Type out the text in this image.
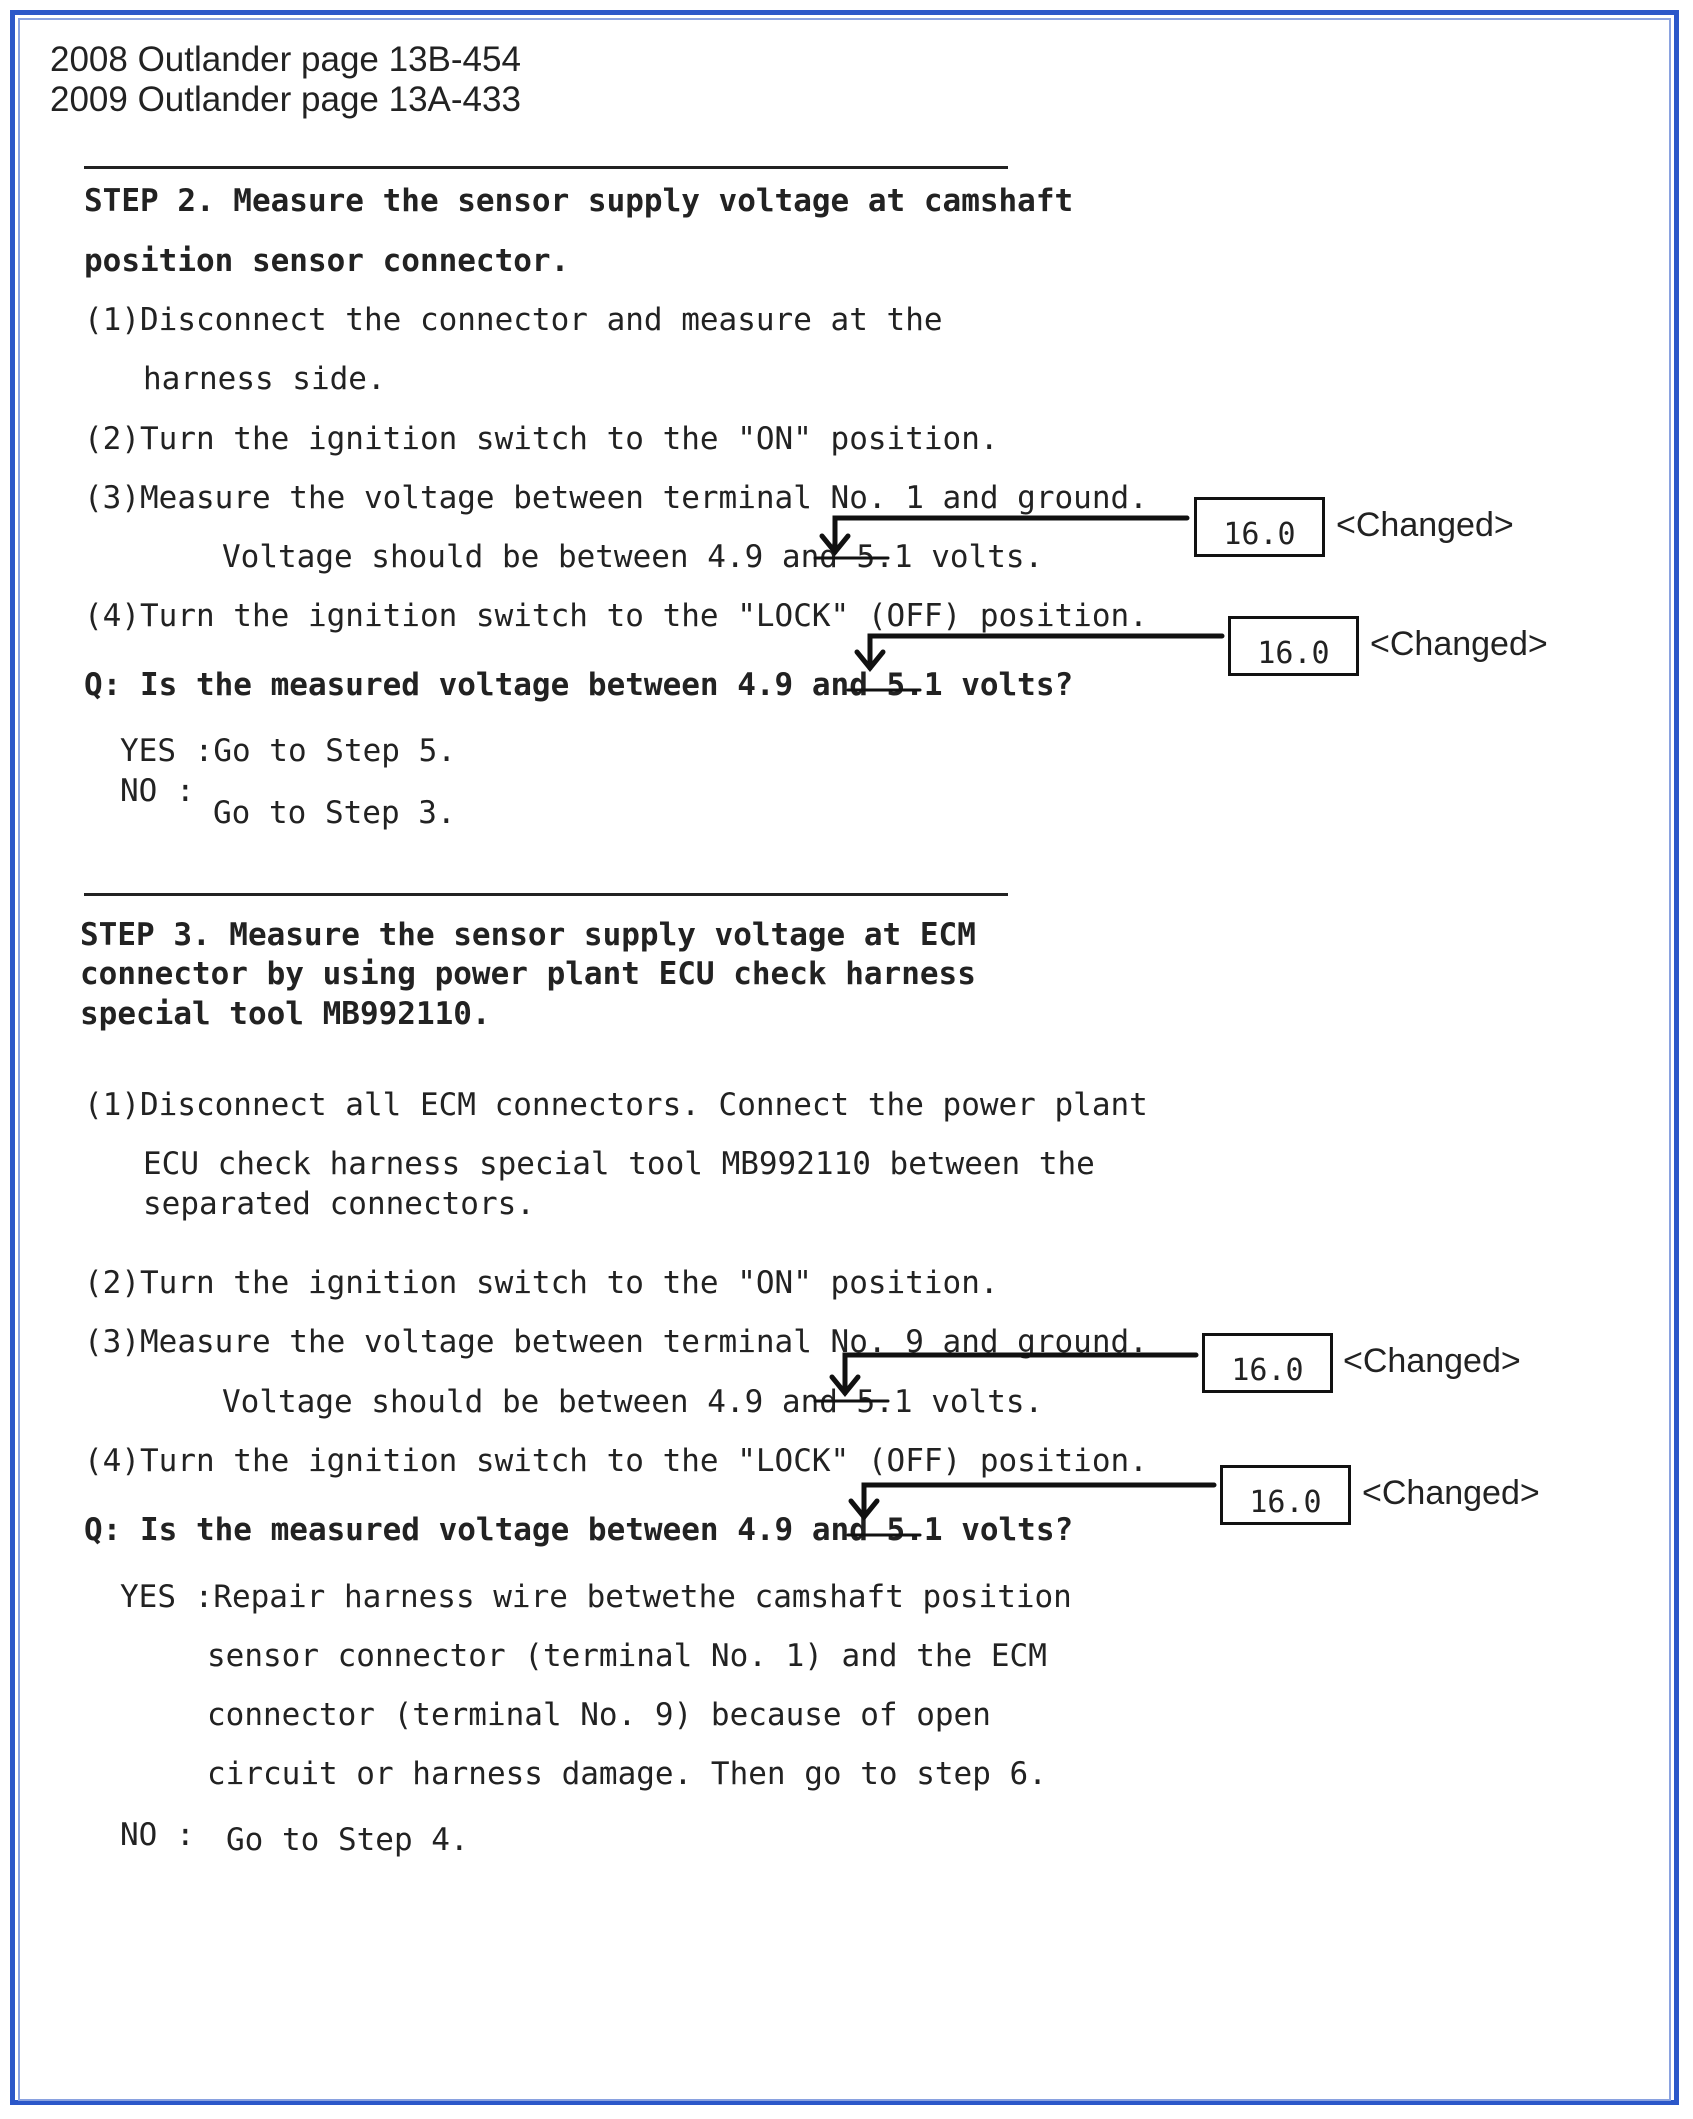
2008 Outlander page 13B-454
2009 Outlander page 13A-433
STEP 2. Measure the sensor supply voltage at camshaft
position sensor connector.
(1)Disconnect the connector and measure at the
harness side.
(2)Turn the ignition switch to the "ON" position.
(3)Measure the voltage between terminal No. 1 and ground.
Voltage should be between 4.9 and 5.1 volts.
(4)Turn the ignition switch to the "LOCK" (OFF) position.
Q: Is the measured voltage between 4.9 and 5.1 volts?
YES :Go to Step 5.
NO :
Go to Step 3.
STEP 3. Measure the sensor supply voltage at ECM
connector by using power plant ECU check harness
special tool MB992110.
(1)Disconnect all ECM connectors. Connect the power plant
ECU check harness special tool MB992110 between the
separated connectors.
(2)Turn the ignition switch to the "ON" position.
(3)Measure the voltage between terminal No. 9 and ground.
Voltage should be between 4.9 and 5.1 volts.
(4)Turn the ignition switch to the "LOCK" (OFF) position.
Q: Is the measured voltage between 4.9 and 5.1 volts?
YES :Repair harness wire betwethe camshaft position
sensor connector (terminal No. 1) and the ECM
connector (terminal No. 9) because of open
circuit or harness damage. Then go to step 6.
NO : Go to Step 4.
16.0	<Changed>
16.0	<Changed>
16.0	<Changed>
16.0	<Changed>
